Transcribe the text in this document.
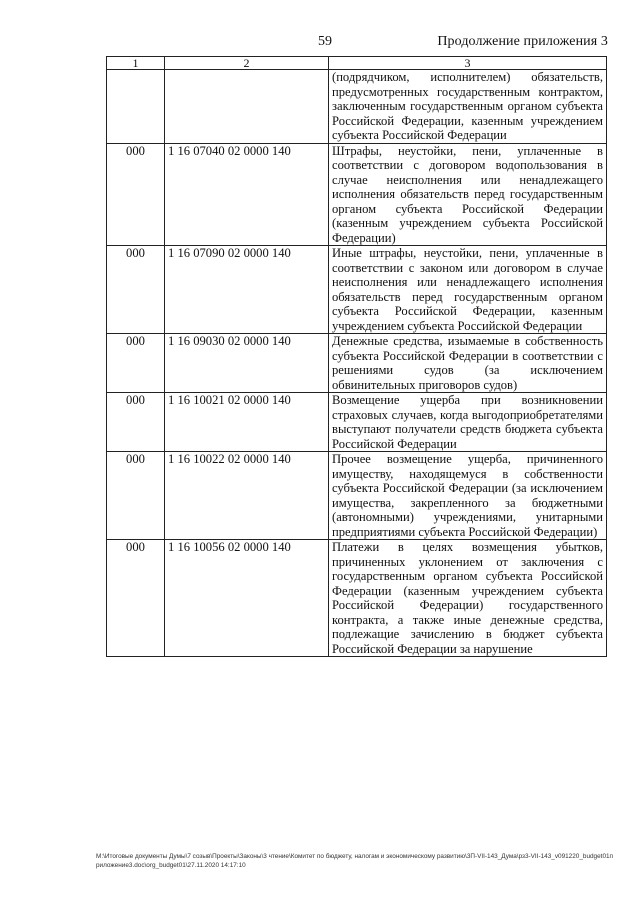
59	Продолжение приложения 3
1	2	3
		(подрядчиком, исполнителем) обязательств, предусмотренных государственным контрактом, заключенным государственным органом субъекта Российской Федерации, казенным учреждением субъекта Российской Федерации
000	1 16 07040 02 0000 140	Штрафы, неустойки, пени, уплаченные в соответствии с договором водопользования в случае неисполнения или ненадлежащего исполнения обязательств перед государственным органом субъекта Российской Федерации (казенным учреждением субъекта Российской Федерации)
000	1 16 07090 02 0000 140	Иные штрафы, неустойки, пени, уплаченные в соответствии с законом или договором в случае неисполнения или ненадлежащего исполнения обязательств перед государственным органом субъекта Российской Федерации, казенным учреждением субъекта Российской Федерации
000	1 16 09030 02 0000 140	Денежные средства, изымаемые в собственность субъекта Российской Федерации в соответствии с решениями судов (за исключением обвинительных приговоров судов)
000	1 16 10021 02 0000 140	Возмещение ущерба при возникновении страховых случаев, когда выгодоприобретателями выступают получатели средств бюджета субъекта Российской Федерации
000	1 16 10022 02 0000 140	Прочее возмещение ущерба, причиненного имуществу, находящемуся в собственности субъекта Российской Федерации (за исключением имущества, закрепленного за бюджетными (автономными) учреждениями, унитарными предприятиями субъекта Российской Федерации)
000	1 16 10056 02 0000 140	Платежи в целях возмещения убытков, причиненных уклонением от заключения с государственным органом субъекта Российской Федерации (казенным учреждением субъекта Российской Федерации) государственного контракта, а также иные денежные средства, подлежащие зачислению в бюджет субъекта Российской Федерации за нарушение
М:\Итоговые документы Думы\7 созыв\Проекты\Законы\3 чтение\Комитет по бюджету, налогам и экономическому развитию\3П-VII-143_Дума\рз3-VII-143_v091220_budget01приложение3.doc\org_budget01\27.11.2020 14:17:10
